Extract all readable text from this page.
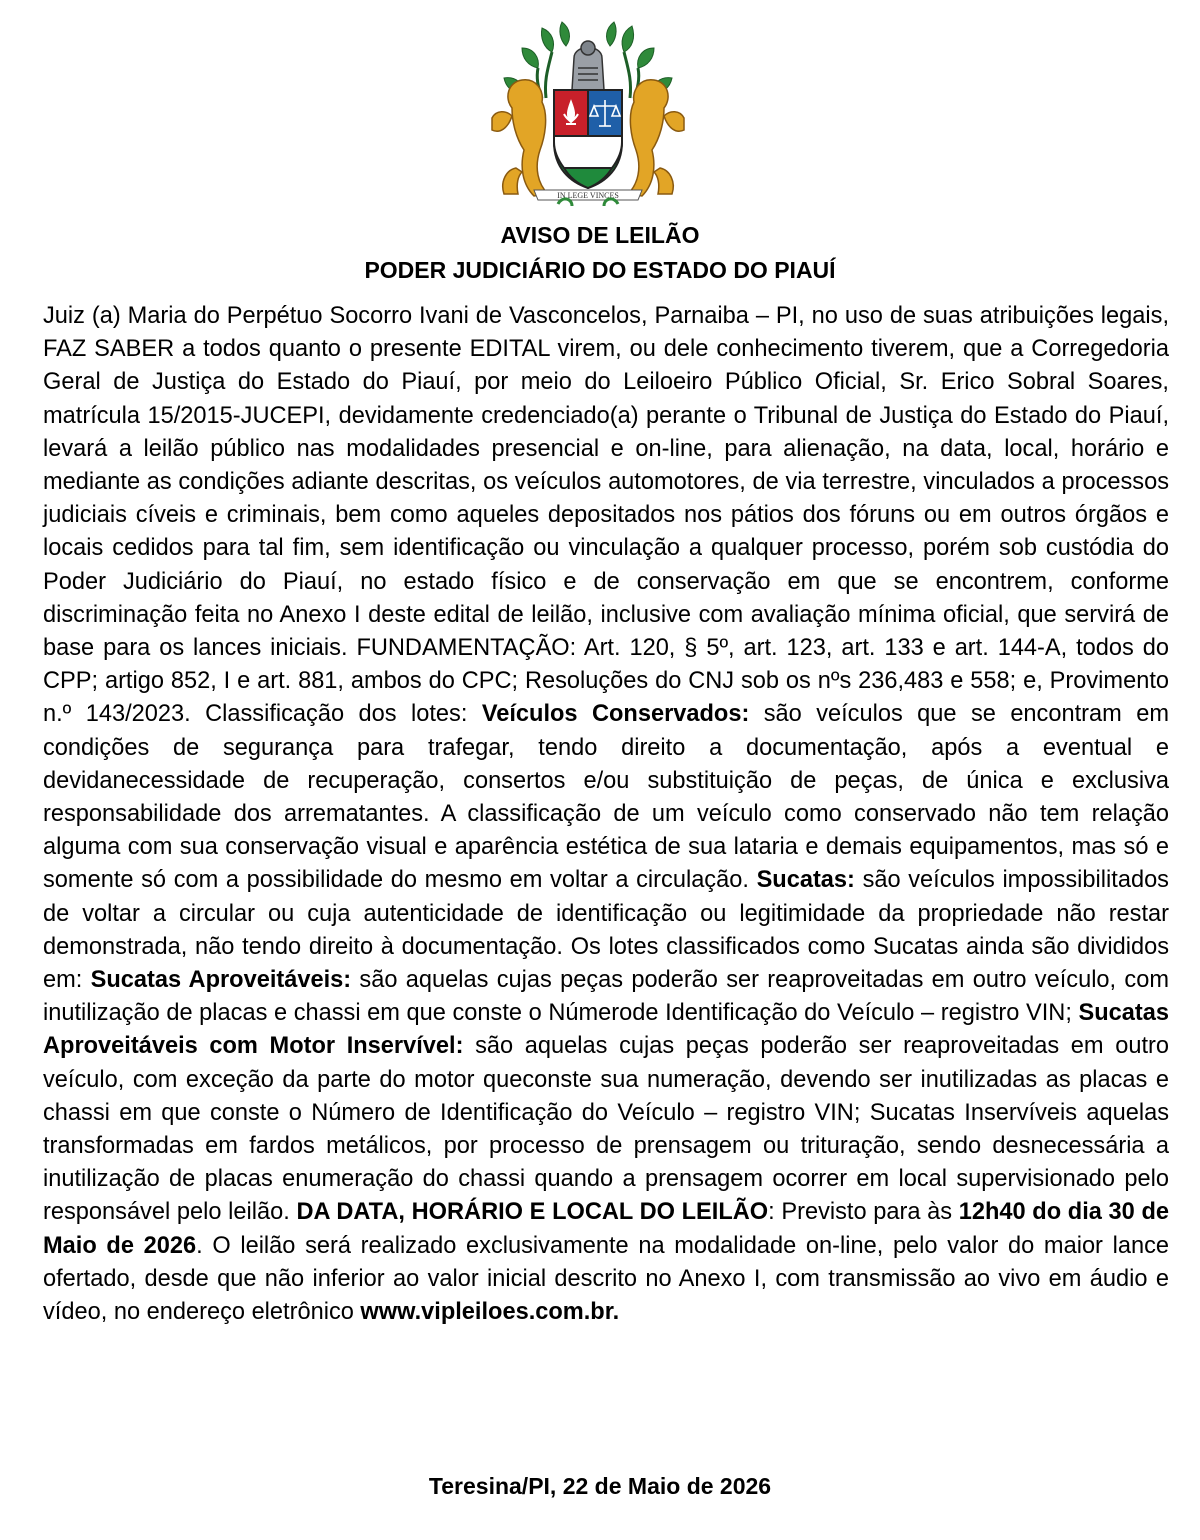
IN LEGE VINCES
AVISO DE LEILÃO
PODER JUDICIÁRIO DO ESTADO DO PIAUÍ
Juiz (a) Maria do Perpétuo Socorro Ivani de Vasconcelos, Parnaiba – PI, no uso de suas atribuições legais, FAZ SABER a todos quanto o presente EDITAL virem, ou dele conhecimento tiverem, que a Corregedoria Geral de Justiça do Estado do Piauí, por meio do Leiloeiro Público Oficial, Sr. Erico Sobral Soares, matrícula 15/2015-JUCEPI, devidamente credenciado(a) perante o Tribunal de Justiça do Estado do Piauí, levará a leilão público nas modalidades presencial e on-line, para alienação, na data, local, horário e mediante as condições adiante descritas, os veículos automotores, de via terrestre, vinculados a processos judiciais cíveis e criminais, bem como aqueles depositados nos pátios dos fóruns ou em outros órgãos e locais cedidos para tal fim, sem identificação ou vinculação a qualquer processo, porém sob custódia do Poder Judiciário do Piauí, no estado físico e de conservação em que se encontrem, conforme discriminação feita no Anexo I deste edital de leilão, inclusive com avaliação mínima oficial, que servirá de base para os lances iniciais. FUNDAMENTAÇÃO: Art. 120, § 5º, art. 123, art. 133 e art. 144-A, todos do CPP; artigo 852, I e art. 881, ambos do CPC; Resoluções do CNJ sob os nºs 236,483 e 558; e, Provimento n.º 143/2023. Classificação dos lotes: Veículos Conservados: são veículos que se encontram em condições de segurança para trafegar, tendo direito a documentação, após a eventual e devidanecessidade de recuperação, consertos e/ou substituição de peças, de única e exclusiva responsabilidade dos arrematantes. A classificação de um veículo como conservado não tem relação alguma com sua conservação visual e aparência estética de sua lataria e demais equipamentos, mas só e somente só com a possibilidade do mesmo em voltar a circulação. Sucatas: são veículos impossibilitados de voltar a circular ou cuja autenticidade de identificação ou legitimidade da propriedade não restar demonstrada, não tendo direito à documentação. Os lotes classificados como Sucatas ainda são divididos em: Sucatas Aproveitáveis: são aquelas cujas peças poderão ser reaproveitadas em outro veículo, com inutilização de placas e chassi em que conste o Númerode Identificação do Veículo – registro VIN; Sucatas Aproveitáveis com Motor Inservível: são aquelas cujas peças poderão ser reaproveitadas em outro veículo, com exceção da parte do motor queconste sua numeração, devendo ser inutilizadas as placas e chassi em que conste o Número de Identificação do Veículo – registro VIN; Sucatas Inservíveis aquelas transformadas em fardos metálicos, por processo de prensagem ou trituração, sendo desnecessária a inutilização de placas enumeração do chassi quando a prensagem ocorrer em local supervisionado pelo responsável pelo leilão. DA DATA, HORÁRIO E LOCAL DO LEILÃO: Previsto para às 12h40 do dia 30 de Maio de 2026. O leilão será realizado exclusivamente na modalidade on-line, pelo valor do maior lance ofertado, desde que não inferior ao valor inicial descrito no Anexo I, com transmissão ao vivo em áudio e vídeo, no endereço eletrônico www.vipleiloes.com.br.
Teresina/PI, 22 de Maio de 2026
